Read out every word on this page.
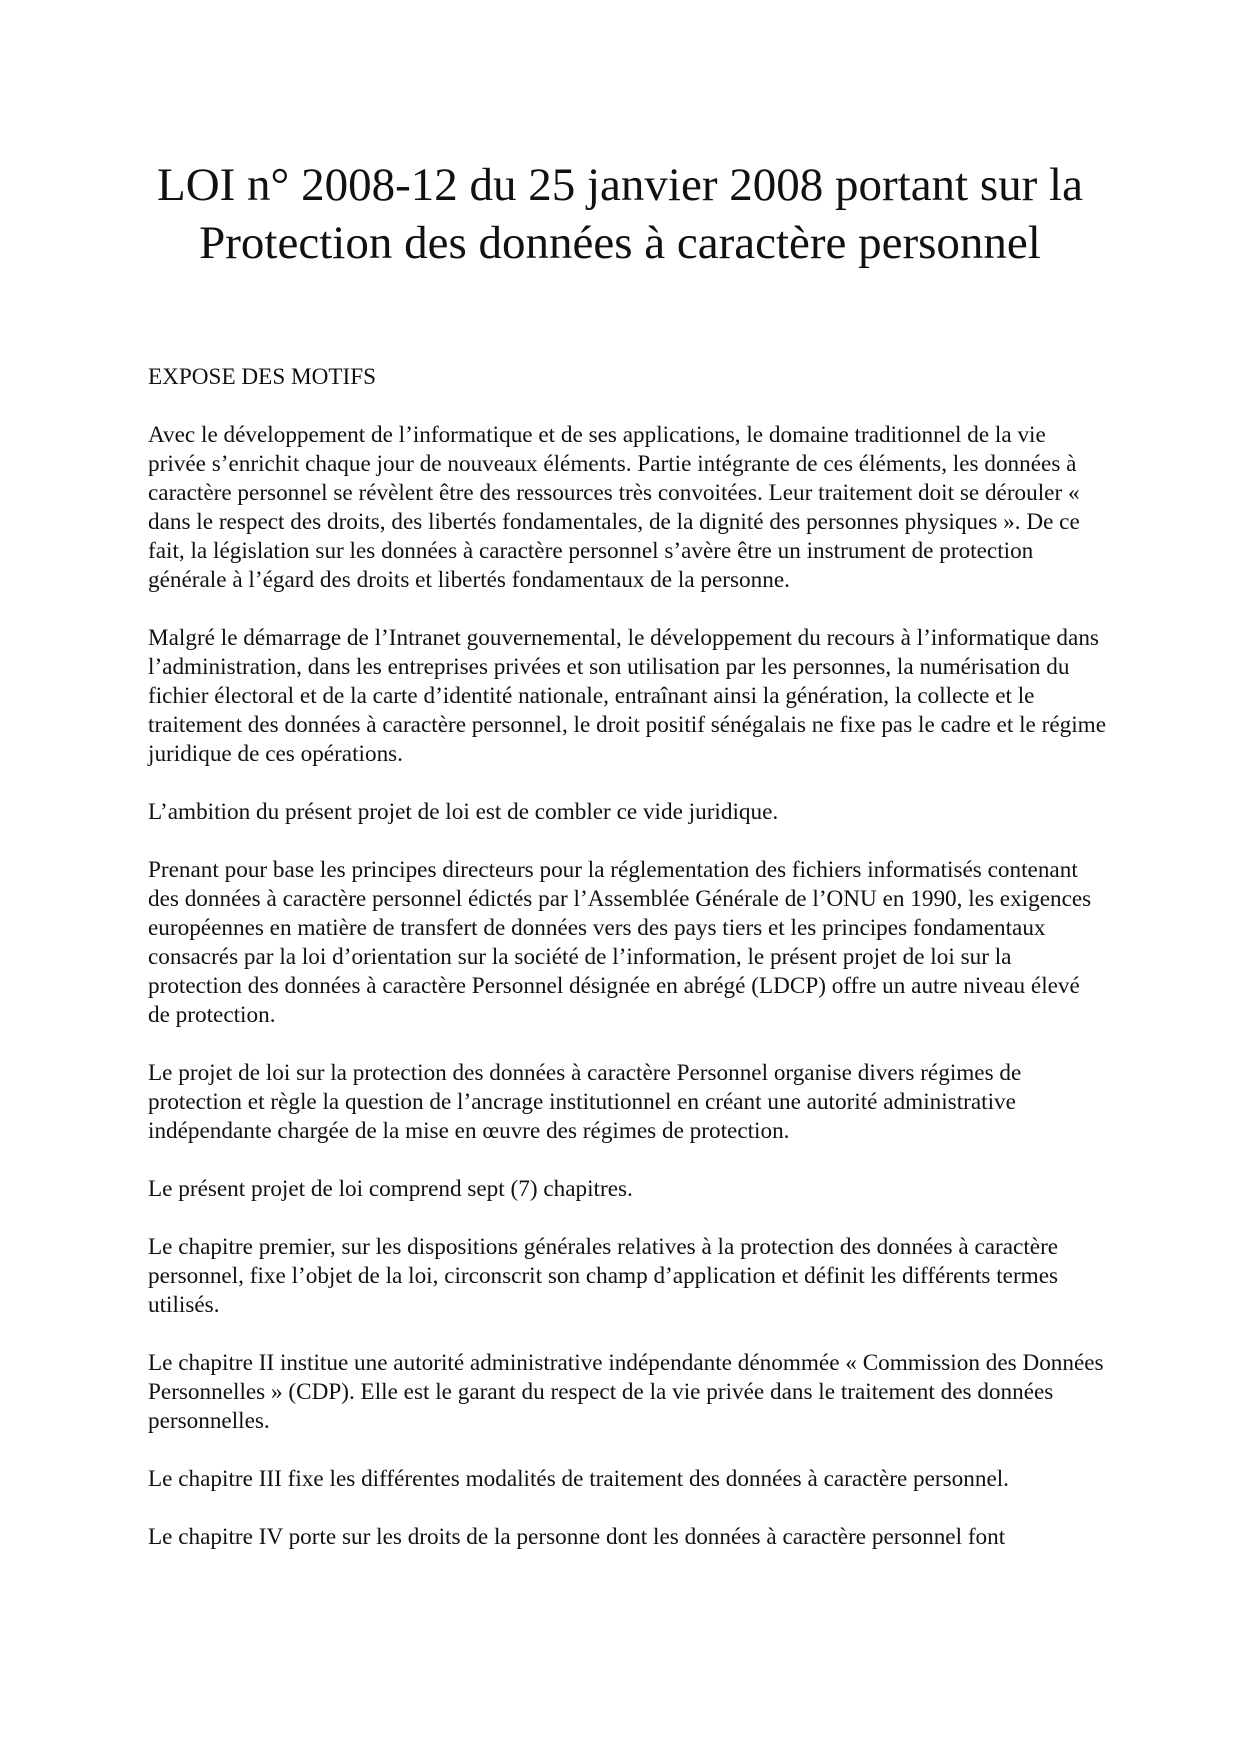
LOI n° 2008-12 du 25 janvier 2008 portant sur la Protection des données à caractère personnel

EXPOSE DES MOTIFS

Avec le développement de l’informatique et de ses applications, le domaine traditionnel de la vie privée s’enrichit chaque jour de nouveaux éléments. Partie intégrante de ces éléments, les données à caractère personnel se révèlent être des ressources très convoitées. Leur traitement doit se dérouler « dans le respect des droits, des libertés fondamentales, de la dignité des personnes physiques ». De ce fait, la législation sur les données à caractère personnel s’avère être un instrument de protection générale à l’égard des droits et libertés fondamentaux de la personne.

Malgré le démarrage de l’Intranet gouvernemental, le développement du recours à l’informatique dans l’administration, dans les entreprises privées et son utilisation par les personnes, la numérisation du fichier électoral et de la carte d’identité nationale, entraînant ainsi la génération, la collecte et le traitement des données à caractère personnel, le droit positif sénégalais ne fixe pas le cadre et le régime juridique de ces opérations.

L’ambition du présent projet de loi est de combler ce vide juridique.

Prenant pour base les principes directeurs pour la réglementation des fichiers informatisés contenant des données à caractère personnel édictés par l’Assemblée Générale de l’ONU en 1990, les exigences européennes en matière de transfert de données vers des pays tiers et les principes fondamentaux consacrés par la loi d’orientation sur la société de l’information, le présent projet de loi sur la protection des données à caractère Personnel désignée en abrégé (LDCP) offre un autre niveau élevé de protection.

Le projet de loi sur la protection des données à caractère Personnel organise divers régimes de protection et règle la question de l’ancrage institutionnel en créant une autorité administrative indépendante chargée de la mise en œuvre des régimes de protection.

Le présent projet de loi comprend sept (7) chapitres.

Le chapitre premier, sur les dispositions générales relatives à la protection des données à caractère personnel, fixe l’objet de la loi, circonscrit son champ d’application et définit les différents termes utilisés.

Le chapitre II institue une autorité administrative indépendante dénommée « Commission des Données Personnelles » (CDP). Elle est le garant du respect de la vie privée dans le traitement des données personnelles.

Le chapitre III fixe les différentes modalités de traitement des données à caractère personnel.

Le chapitre IV porte sur les droits de la personne dont les données à caractère personnel font
